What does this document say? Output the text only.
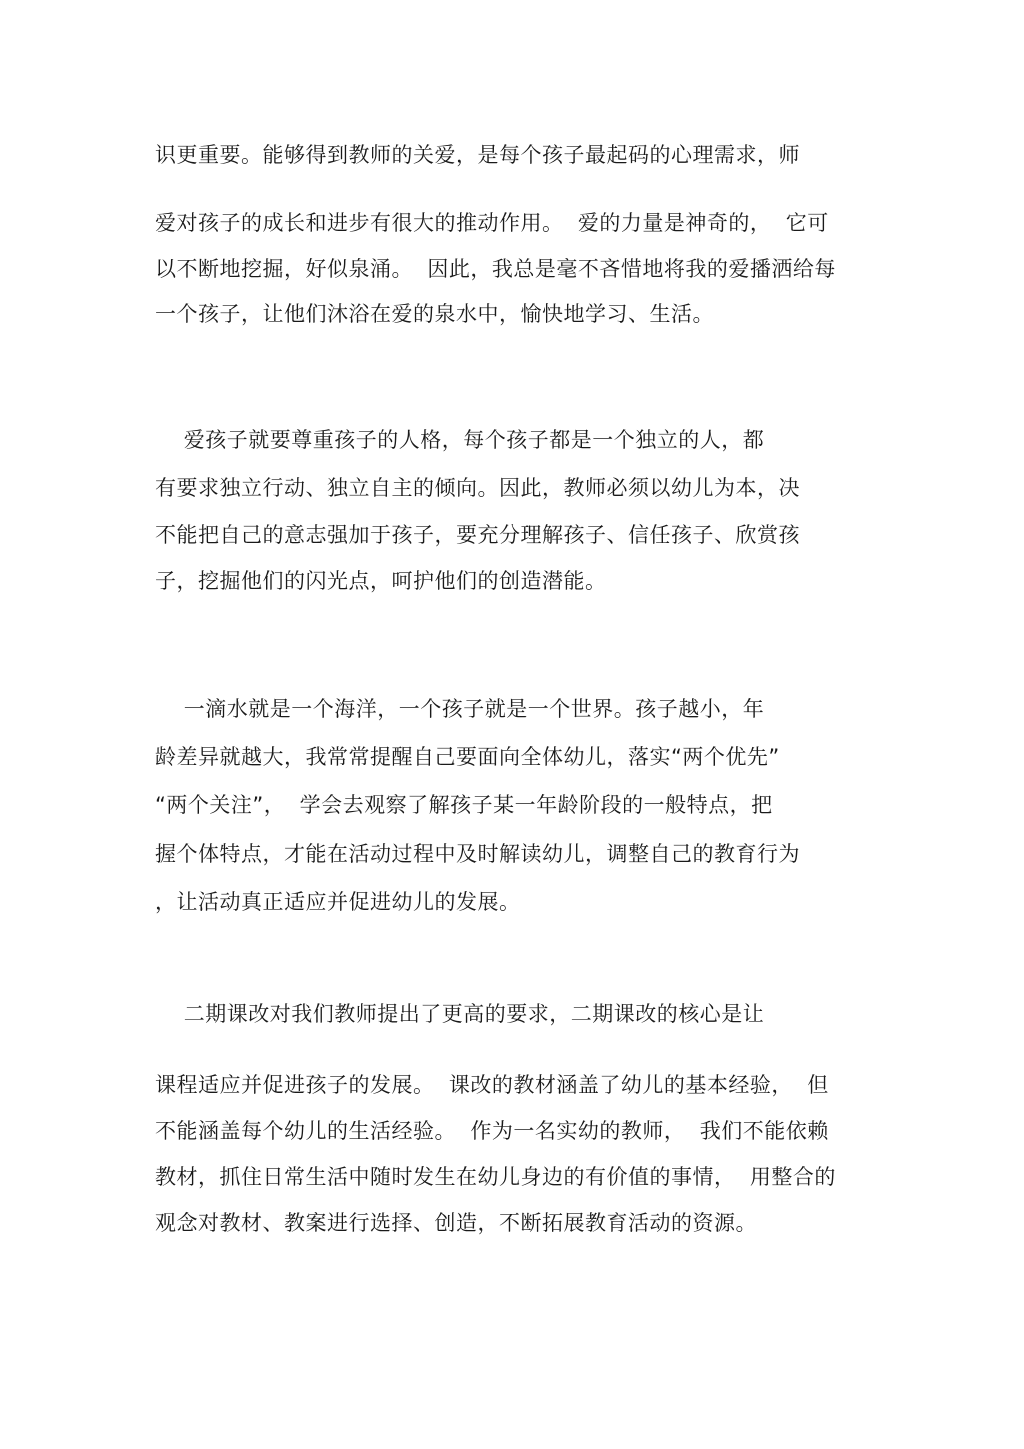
识更重要。能够得到教师的关爱，是每个孩子最起码的心理需求，师
爱对孩子的成长和进步有很大的推动作用。  爱的力量是神奇的，  它可
以不断地挖掘，好似泉涌。  因此，我总是毫不吝惜地将我的爱播洒给每
一个孩子，让他们沐浴在爱的泉水中，愉快地学习、生活。
爱孩子就要尊重孩子的人格，每个孩子都是一个独立的人，都
有要求独立行动、独立自主的倾向。因此，教师必须以幼儿为本，决
不能把自己的意志强加于孩子，要充分理解孩子、信任孩子、欣赏孩
子，挖掘他们的闪光点，呵护他们的创造潜能。
一滴水就是一个海洋，一个孩子就是一个世界。孩子越小，年
龄差异就越大，我常常提醒自己要面向全体幼儿，落实“两个优先”
“两个关注”，  学会去观察了解孩子某一年龄阶段的一般特点，把
握个体特点，才能在活动过程中及时解读幼儿，调整自己的教育行为
，让活动真正适应并促进幼儿的发展。
二期课改对我们教师提出了更高的要求，二期课改的核心是让
课程适应并促进孩子的发展。  课改的教材涵盖了幼儿的基本经验，  但
不能涵盖每个幼儿的生活经验。  作为一名实幼的教师，  我们不能依赖
教材，抓住日常生活中随时发生在幼儿身边的有价值的事情，  用整合的
观念对教材、教案进行选择、创造，不断拓展教育活动的资源。
